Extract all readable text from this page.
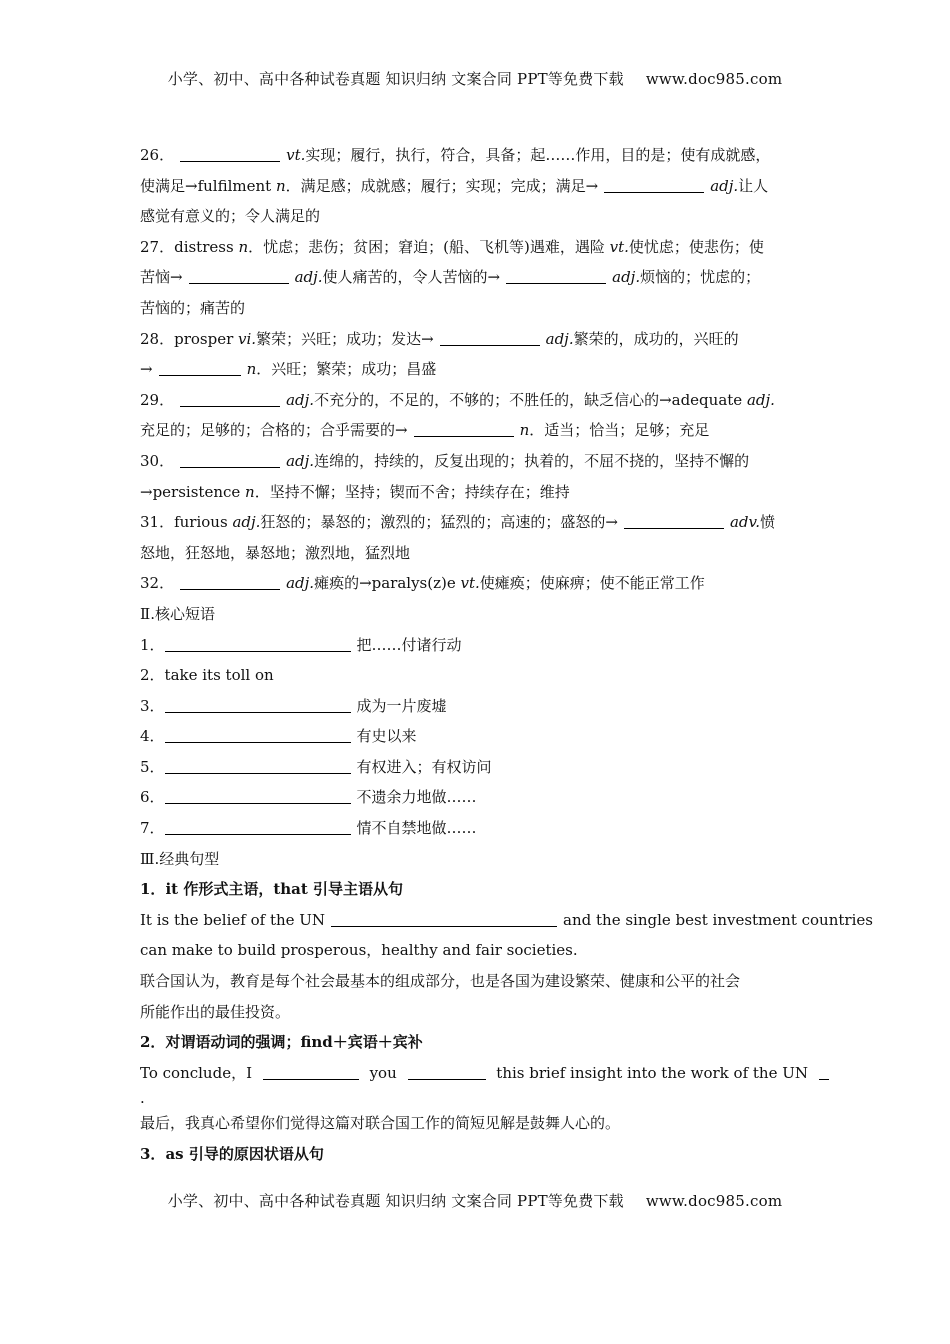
小学、初中、高中各种试卷真题 知识归纳 文案合同 PPT等免费下载 www.doc985.com
26．	vt.实现；履行，执行，符合，具备；起……作用，目的是；使有成就感，
使满足→fulfilment n．满足感；成就感；履行；实现；完成；满足→	adj.让人
感觉有意义的；令人满足的
27．distress n．忧虑；悲伤；贫困；窘迫；(船、飞机等)遇难，遇险 vt.使忧虑；使悲伤；使
苦恼→	adj.使人痛苦的，令人苦恼的→	adj.烦恼的；忧虑的；
苦恼的；痛苦的
28．prosper vi.繁荣；兴旺；成功；发达→	adj.繁荣的，成功的，兴旺的
→	n．兴旺；繁荣；成功；昌盛
29．	adj.不充分的，不足的，不够的；不胜任的，缺乏信心的→adequate adj.
充足的；足够的；合格的；合乎需要的→	n．适当；恰当；足够；充足
30．	adj.连绵的，持续的，反复出现的；执着的，不屈不挠的，坚持不懈的
→persistence n．坚持不懈；坚持；锲而不舍；持续存在；维持
31．furious adj.狂怒的；暴怒的；激烈的；猛烈的；高速的；盛怒的→	adv.愤
怒地，狂怒地，暴怒地；激烈地，猛烈地
32．	adj.瘫痪的→paralys(z)e vt.使瘫痪；使麻痹；使不能正常工作
Ⅱ.核心短语
1．	把……付诸行动
2．take its toll on
3．	成为一片废墟
4．	有史以来
5．	有权进入；有权访问
6．	不遗余力地做……
7．	情不自禁地做……
Ⅲ.经典句型
1．it 作形式主语，that 引导主语从句
It is the belief of the UN	and the single best investment countries
can make to build prosperous，healthy and fair societies.
联合国认为，教育是每个社会最基本的组成部分，也是各国为建设繁荣、健康和公平的社会
所能作出的最佳投资。
2．对谓语动词的强调；find＋宾语＋宾补
To conclude，I	you	this brief insight into the work of the UN
.
最后，我真心希望你们觉得这篇对联合国工作的简短见解是鼓舞人心的。
3．as 引导的原因状语从句
小学、初中、高中各种试卷真题 知识归纳 文案合同 PPT等免费下载 www.doc985.com
